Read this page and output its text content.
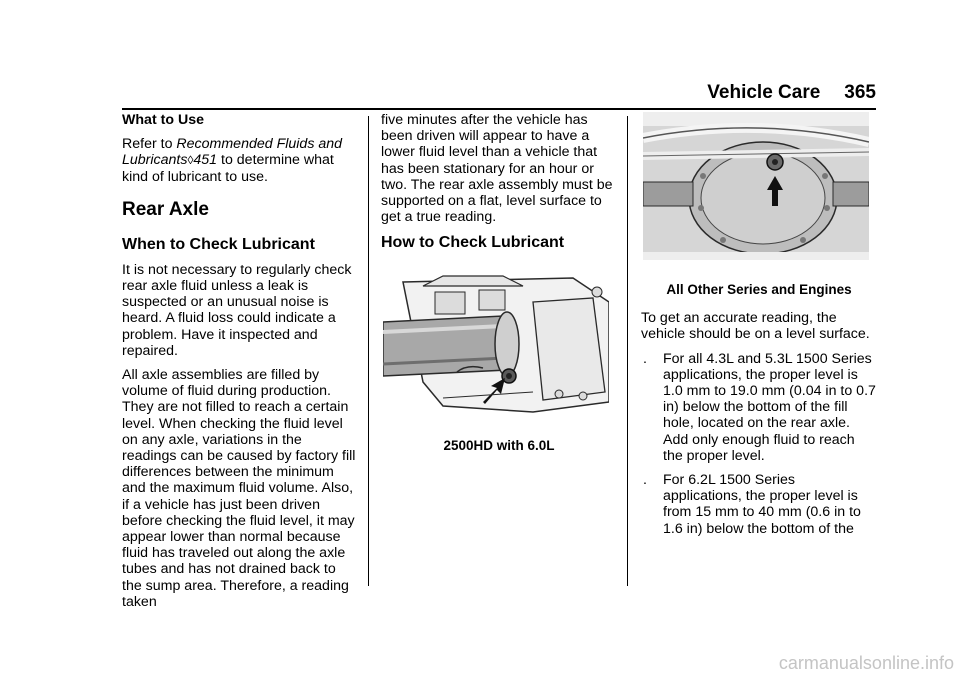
Vehicle Care 365

What to Use

Refer to Recommended Fluids and Lubricants◊451 to determine what kind of lubricant to use.

Rear Axle
When to Check Lubricant

It is not necessary to regularly check rear axle fluid unless a leak is suspected or an unusual noise is heard. A fluid loss could indicate a problem. Have it inspected and repaired.

All axle assemblies are filled by volume of fluid during production. They are not filled to reach a certain level. When checking the fluid level on any axle, variations in the readings can be caused by factory fill differences between the minimum and the maximum fluid volume. Also, if a vehicle has just been driven before checking the fluid level, it may appear lower than normal because fluid has traveled out along the axle tubes and has not drained back to the sump area. Therefore, a reading taken

five minutes after the vehicle has been driven will appear to have a lower fluid level than a vehicle that has been stationary for an hour or two. The rear axle assembly must be supported on a flat, level surface to get a true reading.

How to Check Lubricant

2500HD with 6.0L

All Other Series and Engines

To get an accurate reading, the vehicle should be on a level surface.

. For all 4.3L and 5.3L 1500 Series applications, the proper level is 1.0 mm to 19.0 mm (0.04 in to 0.7 in) below the bottom of the fill hole, located on the rear axle. Add only enough fluid to reach the proper level.
. For 6.2L 1500 Series applications, the proper level is from 15 mm to 40 mm (0.6 in to 1.6 in) below the bottom of the
carmanualsonline.info
